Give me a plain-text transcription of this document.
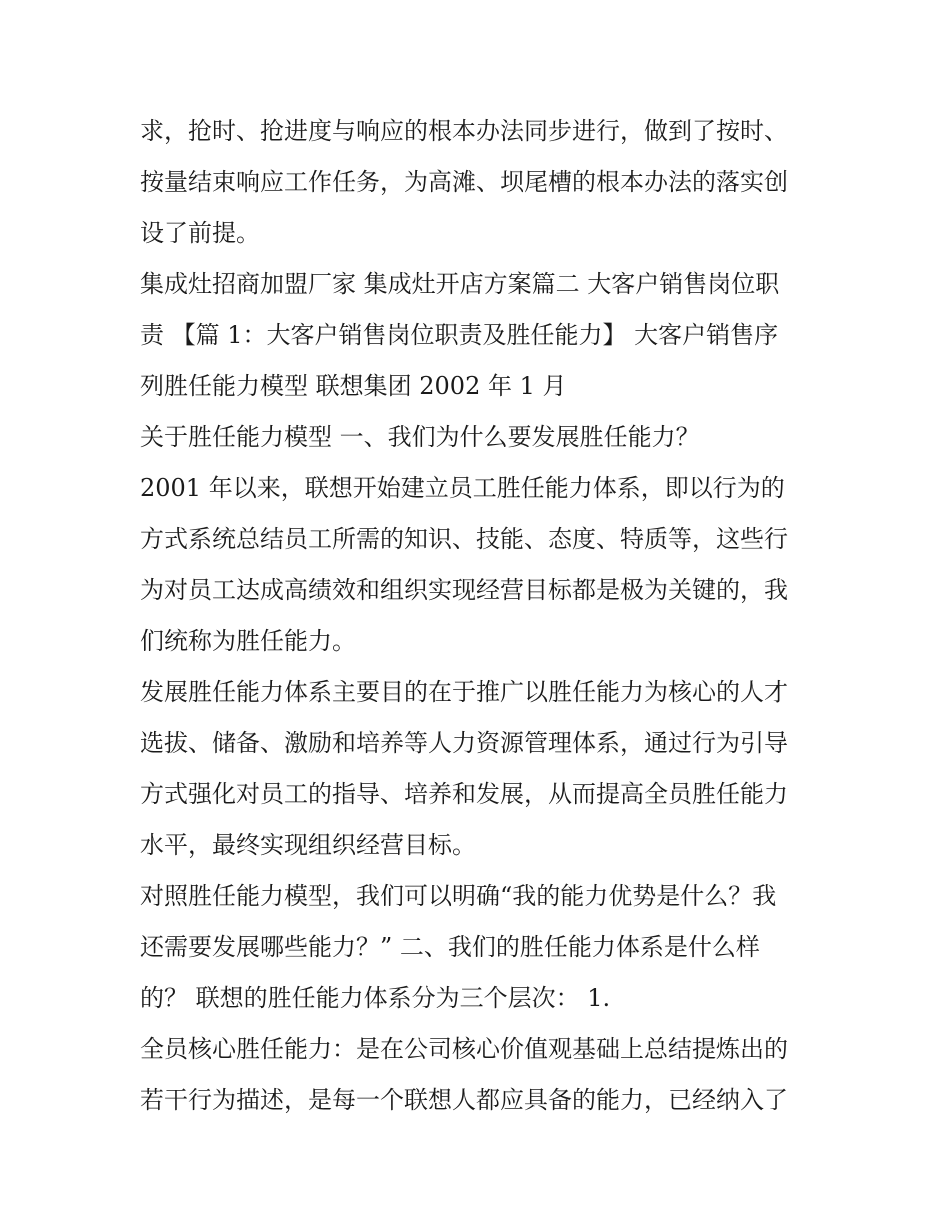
求，抢时、抢进度与响应的根本办法同步进行，做到了按时、
按量结束响应工作任务，为高滩、坝尾槽的根本办法的落实创
设了前提。
集成灶招商加盟厂家 集成灶开店方案篇二 大客户销售岗位职
责 【篇 1：大客户销售岗位职责及胜任能力】 大客户销售序
列胜任能力模型 联想集团 2002 年 1 月
关于胜任能力模型 一、我们为什么要发展胜任能力？
2001 年以来，联想开始建立员工胜任能力体系，即以行为的
方式系统总结员工所需的知识、技能、态度、特质等，这些行
为对员工达成高绩效和组织实现经营目标都是极为关键的，我
们统称为胜任能力。
发展胜任能力体系主要目的在于推广以胜任能力为核心的人才
选拔、储备、激励和培养等人力资源管理体系，通过行为引导
方式强化对员工的指导、培养和发展，从而提高全员胜任能力
水平，最终实现组织经营目标。
对照胜任能力模型，我们可以明确“我的能力优势是什么？我
还需要发展哪些能力？” 二、我们的胜任能力体系是什么样
的？ 联想的胜任能力体系分为三个层次： 1.
全员核心胜任能力：是在公司核心价值观基础上总结提炼出的
若干行为描述，是每一个联想人都应具备的能力，已经纳入了
